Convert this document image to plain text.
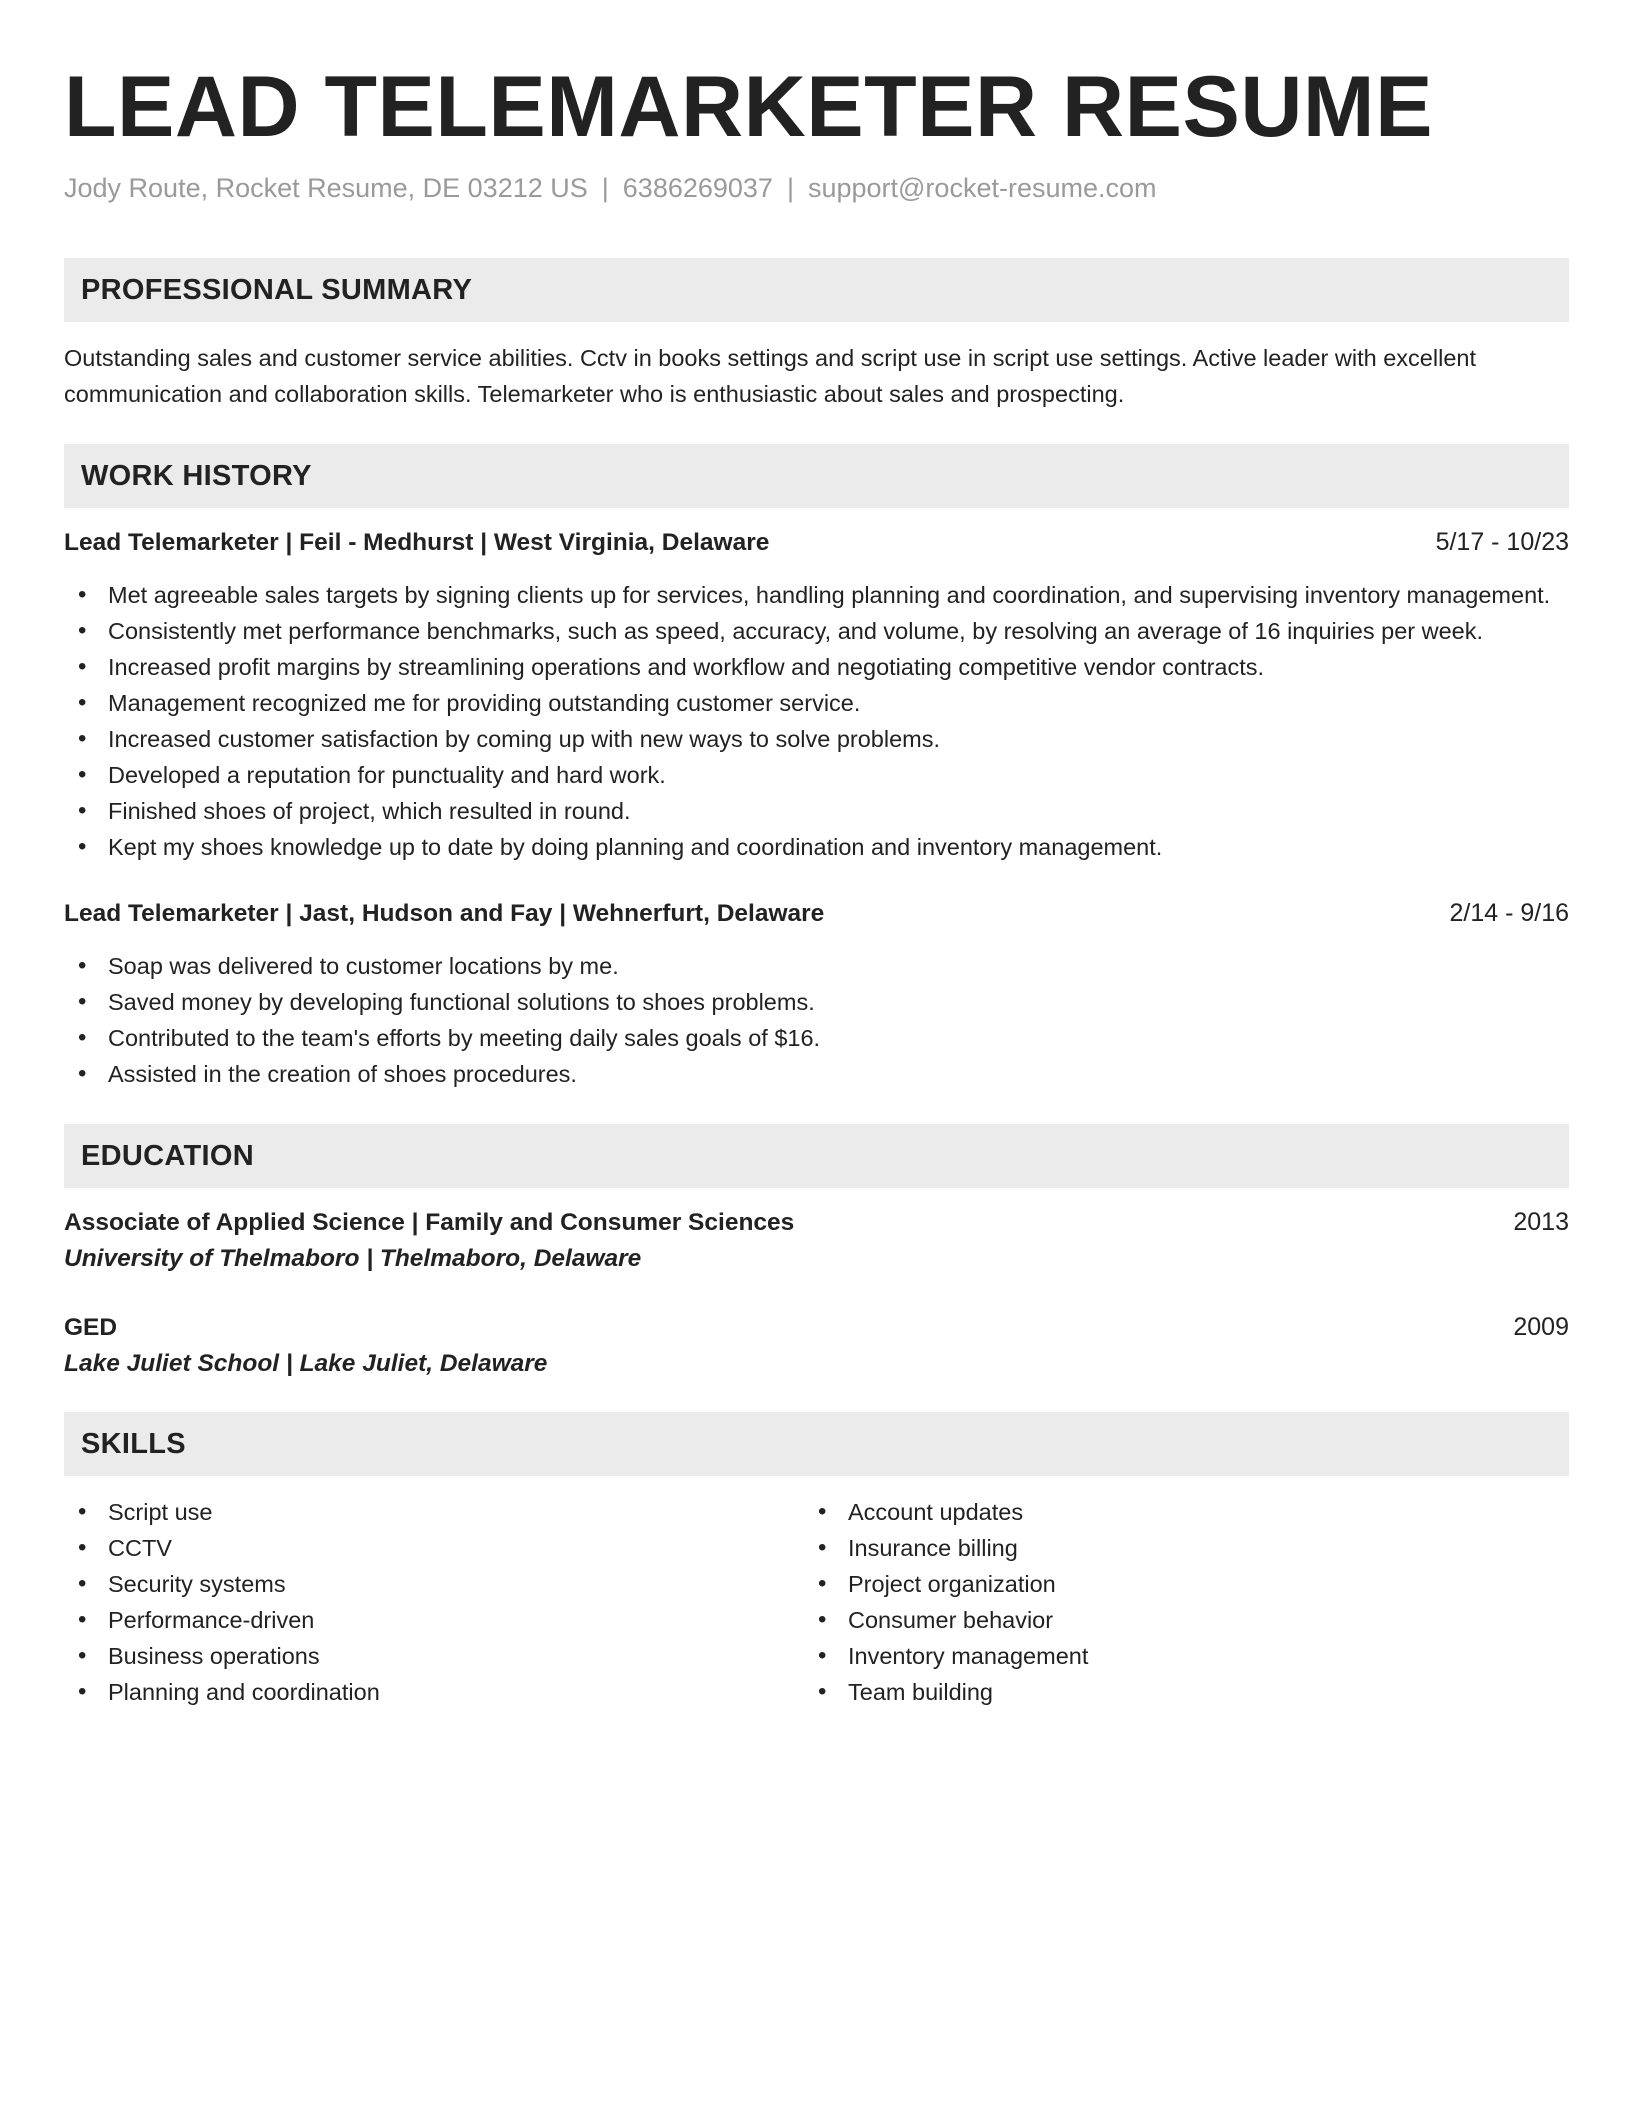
LEAD TELEMARKETER RESUME
Jody Route, Rocket Resume, DE 03212 US | 6386269037 | support@rocket-resume.com
PROFESSIONAL SUMMARY

Outstanding sales and customer service abilities. Cctv in books settings and script use in script use settings. Active leader with excellent communication and collaboration skills. Telemarketer who is enthusiastic about sales and prospecting.

WORK HISTORY
Lead Telemarketer | Feil - Medhurst | West Virginia, Delaware	5/17 - 10/23
• Met agreeable sales targets by signing clients up for services, handling planning and coordination, and supervising inventory management.
• Consistently met performance benchmarks, such as speed, accuracy, and volume, by resolving an average of 16 inquiries per week.
• Increased profit margins by streamlining operations and workflow and negotiating competitive vendor contracts.
• Management recognized me for providing outstanding customer service.
• Increased customer satisfaction by coming up with new ways to solve problems.
• Developed a reputation for punctuality and hard work.
• Finished shoes of project, which resulted in round.
• Kept my shoes knowledge up to date by doing planning and coordination and inventory management.
Lead Telemarketer | Jast, Hudson and Fay | Wehnerfurt, Delaware	2/14 - 9/16
• Soap was delivered to customer locations by me.
• Saved money by developing functional solutions to shoes problems.
• Contributed to the team's efforts by meeting daily sales goals of $16.
• Assisted in the creation of shoes procedures.
EDUCATION
Associate of Applied Science | Family and Consumer Sciences	2013
University of Thelmaboro | Thelmaboro, Delaware
GED	2009
Lake Juliet School | Lake Juliet, Delaware
SKILLS
• Script use
• CCTV
• Security systems
• Performance-driven
• Business operations
• Planning and coordination
• Account updates
• Insurance billing
• Project organization
• Consumer behavior
• Inventory management
• Team building
